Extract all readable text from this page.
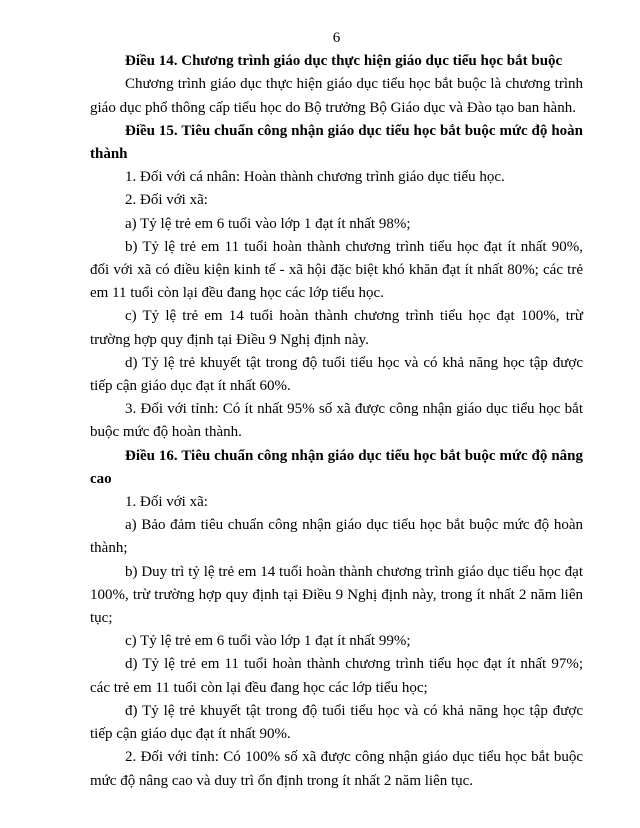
6

Điều 14. Chương trình giáo dục thực hiện giáo dục tiểu học bắt buộc

Chương trình giáo dục thực hiện giáo dục tiểu học bắt buộc là chương trình giáo dục phổ thông cấp tiểu học do Bộ trưởng Bộ Giáo dục và Đào tạo ban hành.

Điều 15. Tiêu chuẩn công nhận giáo dục tiểu học bắt buộc mức độ hoàn thành

1. Đối với cá nhân: Hoàn thành chương trình giáo dục tiểu học.

2. Đối với xã:

a) Tỷ lệ trẻ em 6 tuổi vào lớp 1 đạt ít nhất 98%;

b) Tỷ lệ trẻ em 11 tuổi hoàn thành chương trình tiểu học đạt ít nhất 90%, đối với xã có điều kiện kinh tế - xã hội đặc biệt khó khăn đạt ít nhất 80%; các trẻ em 11 tuổi còn lại đều đang học các lớp tiểu học.

c) Tỷ lệ trẻ em 14 tuổi hoàn thành chương trình tiểu học đạt 100%, trừ trường hợp quy định tại Điều 9 Nghị định này.

d) Tỷ lệ trẻ khuyết tật trong độ tuổi tiểu học và có khả năng học tập được tiếp cận giáo dục đạt ít nhất 60%.

3. Đối với tỉnh: Có ít nhất 95% số xã được công nhận giáo dục tiểu học bắt buộc mức độ hoàn thành.

Điều 16. Tiêu chuẩn công nhận giáo dục tiểu học bắt buộc mức độ nâng cao

1. Đối với xã:

a) Bảo đảm tiêu chuẩn công nhận giáo dục tiểu học bắt buộc mức độ hoàn thành;

b) Duy trì tỷ lệ trẻ em 14 tuổi hoàn thành chương trình giáo dục tiểu học đạt 100%, trừ trường hợp quy định tại Điều 9 Nghị định này, trong ít nhất 2 năm liên tục;

c) Tỷ lệ trẻ em 6 tuổi vào lớp 1 đạt ít nhất 99%;

d) Tỷ lệ trẻ em 11 tuổi hoàn thành chương trình tiểu học đạt ít nhất 97%; các trẻ em 11 tuổi còn lại đều đang học các lớp tiểu học;

đ) Tỷ lệ trẻ khuyết tật trong độ tuổi tiểu học và có khả năng học tập được tiếp cận giáo dục đạt ít nhất 90%.

2. Đối với tỉnh: Có 100% số xã được công nhận giáo dục tiểu học bắt buộc mức độ nâng cao và duy trì ổn định trong ít nhất 2 năm liên tục.
